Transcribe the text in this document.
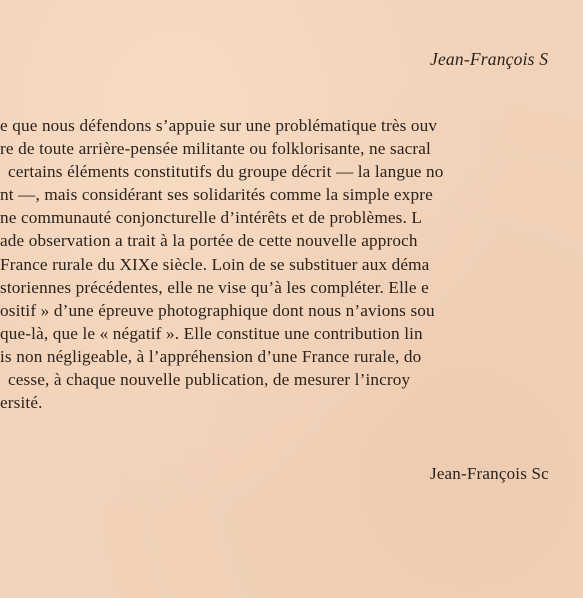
Jean-François S
e que nous défendons s’appuie sur une problématique très ouv
re de toute arrière-pensée militante ou folklorisante, ne sacral
certains éléments constitutifs du groupe décrit — la langue no
nt —, mais considérant ses solidarités comme la simple expre
ne communauté conjoncturelle d’intérêts et de problèmes. L
ade observation a trait à la portée de cette nouvelle approch
France rurale du XIXe siècle. Loin de se substituer aux déma
storiennes précédentes, elle ne vise qu’à les compléter. Elle e
ositif » d’une épreuve photographique dont nous n’avions sou
que-là, que le « négatif ». Elle constitue une contribution lin
is non négligeable, à l’appréhension d’une France rurale, do
cesse, à chaque nouvelle publication, de mesurer l’incroy
ersité.
Jean-François Sc
